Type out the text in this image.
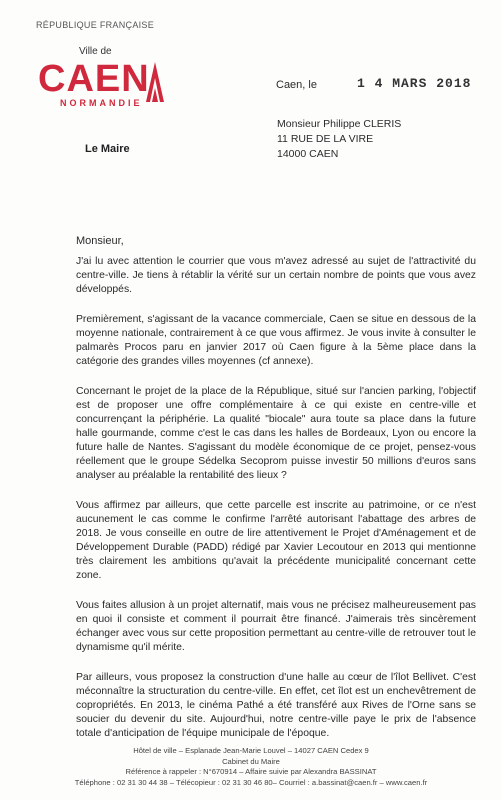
RÉPUBLIQUE FRANÇAISE
Ville de
CAEN
NORMANDIE
Le Maire
Caen, le	1 4 MARS 2018
Monsieur Philippe CLERIS
11 RUE DE LA VIRE
14000 CAEN
Monsieur,

J'ai lu avec attention le courrier que vous m'avez adressé au sujet de l'attractivité du centre-ville. Je tiens à rétablir la vérité sur un certain nombre de points que vous avez développés.

Premièrement, s'agissant de la vacance commerciale, Caen se situe en dessous de la moyenne nationale, contrairement à ce que vous affirmez. Je vous invite à consulter le palmarès Procos paru en janvier 2017 où Caen figure à la 5ème place dans la catégorie des grandes villes moyennes (cf annexe).

Concernant le projet de la place de la République, situé sur l'ancien parking, l'objectif est de proposer une offre complémentaire à ce qui existe en centre-ville et concurrençant la périphérie. La qualité "biocale" aura toute sa place dans la future halle gourmande, comme c'est le cas dans les halles de Bordeaux, Lyon ou encore la future halle de Nantes. S'agissant du modèle économique de ce projet, pensez-vous réellement que le groupe Sédelka Secoprom puisse investir 50 millions d'euros sans analyser au préalable la rentabilité des lieux ?

Vous affirmez par ailleurs, que cette parcelle est inscrite au patrimoine, or ce n'est aucunement le cas comme le confirme l'arrêté autorisant l'abattage des arbres de 2018. Je vous conseille en outre de lire attentivement le Projet d'Aménagement et de Développement Durable (PADD) rédigé par Xavier Lecoutour en 2013 qui mentionne très clairement les ambitions qu'avait la précédente municipalité concernant cette zone.

Vous faites allusion à un projet alternatif, mais vous ne précisez malheureusement pas en quoi il consiste et comment il pourrait être financé. J'aimerais très sincèrement échanger avec vous sur cette proposition permettant au centre-ville de retrouver tout le dynamisme qu'il mérite.

Par ailleurs, vous proposez la construction d'une halle au cœur de l'îlot Bellivet. C'est méconnaître la structuration du centre-ville. En effet, cet îlot est un enchevêtrement de copropriétés. En 2013, le cinéma Pathé a été transféré aux Rives de l'Orne sans se soucier du devenir du site. Aujourd'hui, notre centre-ville paye le prix de l'absence totale d'anticipation de l'équipe municipale de l'époque.

Hôtel de ville – Esplanade Jean-Marie Louvel – 14027 CAEN Cedex 9
Cabinet du Maire
Référence à rappeler : N°670914 – Affaire suivie par Alexandra BASSINAT
Téléphone : 02 31 30 44 38 – Télécopieur : 02 31 30 46 80– Courriel : a.bassinat@caen.fr – www.caen.fr
